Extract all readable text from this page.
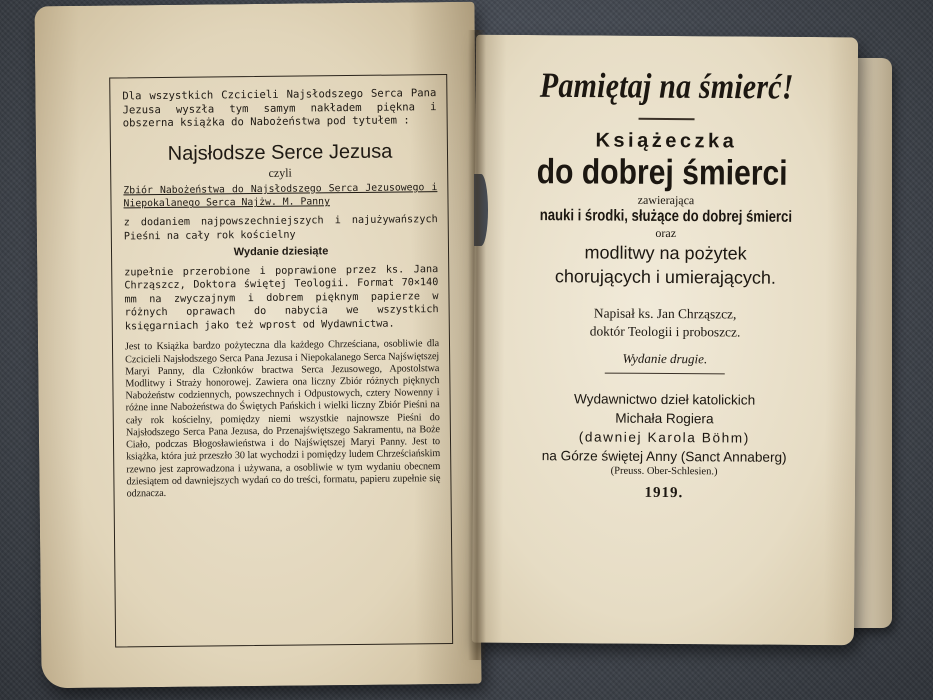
Dla wszystkich Czcicieli Najsłodszego Serca Pana Jezusa wyszła tym samym nakładem piękna i obszerna książka do Nabożeństwa pod tytułem :

Najsłodsze Serce Jezusa

czyli

Zbiór Nabożeństwa do Najsłodszego Serca Jezusowego i Niepokalanego Serca Najżw. M. Panny

z dodaniem najpowszechniejszych i najużywańszych Pieśni na cały rok kościelny

Wydanie dziesiąte

zupełnie przerobione i poprawione przez ks. Jana Chrząszcz, Doktora świętej Teologii. Format 70×140 mm na zwyczajnym i dobrem pięknym papierze w różnych oprawach do nabycia we wszystkich księgarniach jako też wprost od Wydawnictwa.

Jest to Książka bardzo pożyteczna dla każdego Chrześciana, osobliwie dla Czcicieli Najsłodszego Serca Pana Jezusa i Niepokalanego Serca Najświętszej Maryi Panny, dla Członków bractwa Serca Jezusowego, Apostolstwa Modlitwy i Straży honorowej. Zawiera ona liczny Zbiór różnych pięknych Nabożeństw codziennych, powszechnych i Odpustowych, cztery Nowenny i różne inne Nabożeństwa do Świętych Pańskich i wielki liczny Zbiór Pieśni na cały rok kościelny, pomiędzy niemi wszystkie najnowsze Pieśni do Najsłodszego Serca Pana Jezusa, do Przenajświętszego Sakramentu, na Boże Ciało, podczas Błogosławieństwa i do Najświętszej Maryi Panny. Jest to książka, która już przeszło 30 lat wychodzi i pomiędzy ludem Chrześciańskim rzewno jest zaprowadzona i używana, a osobliwie w tym wydaniu obecnem dziesiątem od dawniejszych wydań co do treści, formatu, papieru zupełnie się odznacza.

Pamiętaj na śmierć!

Książeczka

do dobrej śmierci

zawierająca

nauki i środki, służące do dobrej śmierci

oraz

modlitwy na pożytek

chorujących i umierających.

Napisał ks. Jan Chrząszcz,

doktór Teologii i proboszcz.

Wydanie drugie.

Wydawnictwo dzieł katolickich

Michała Rogiera

(dawniej Karola Böhm)

na Górze świętej Anny (Sanct Annaberg)

(Preuss. Ober-Schlesien.)

1919.
